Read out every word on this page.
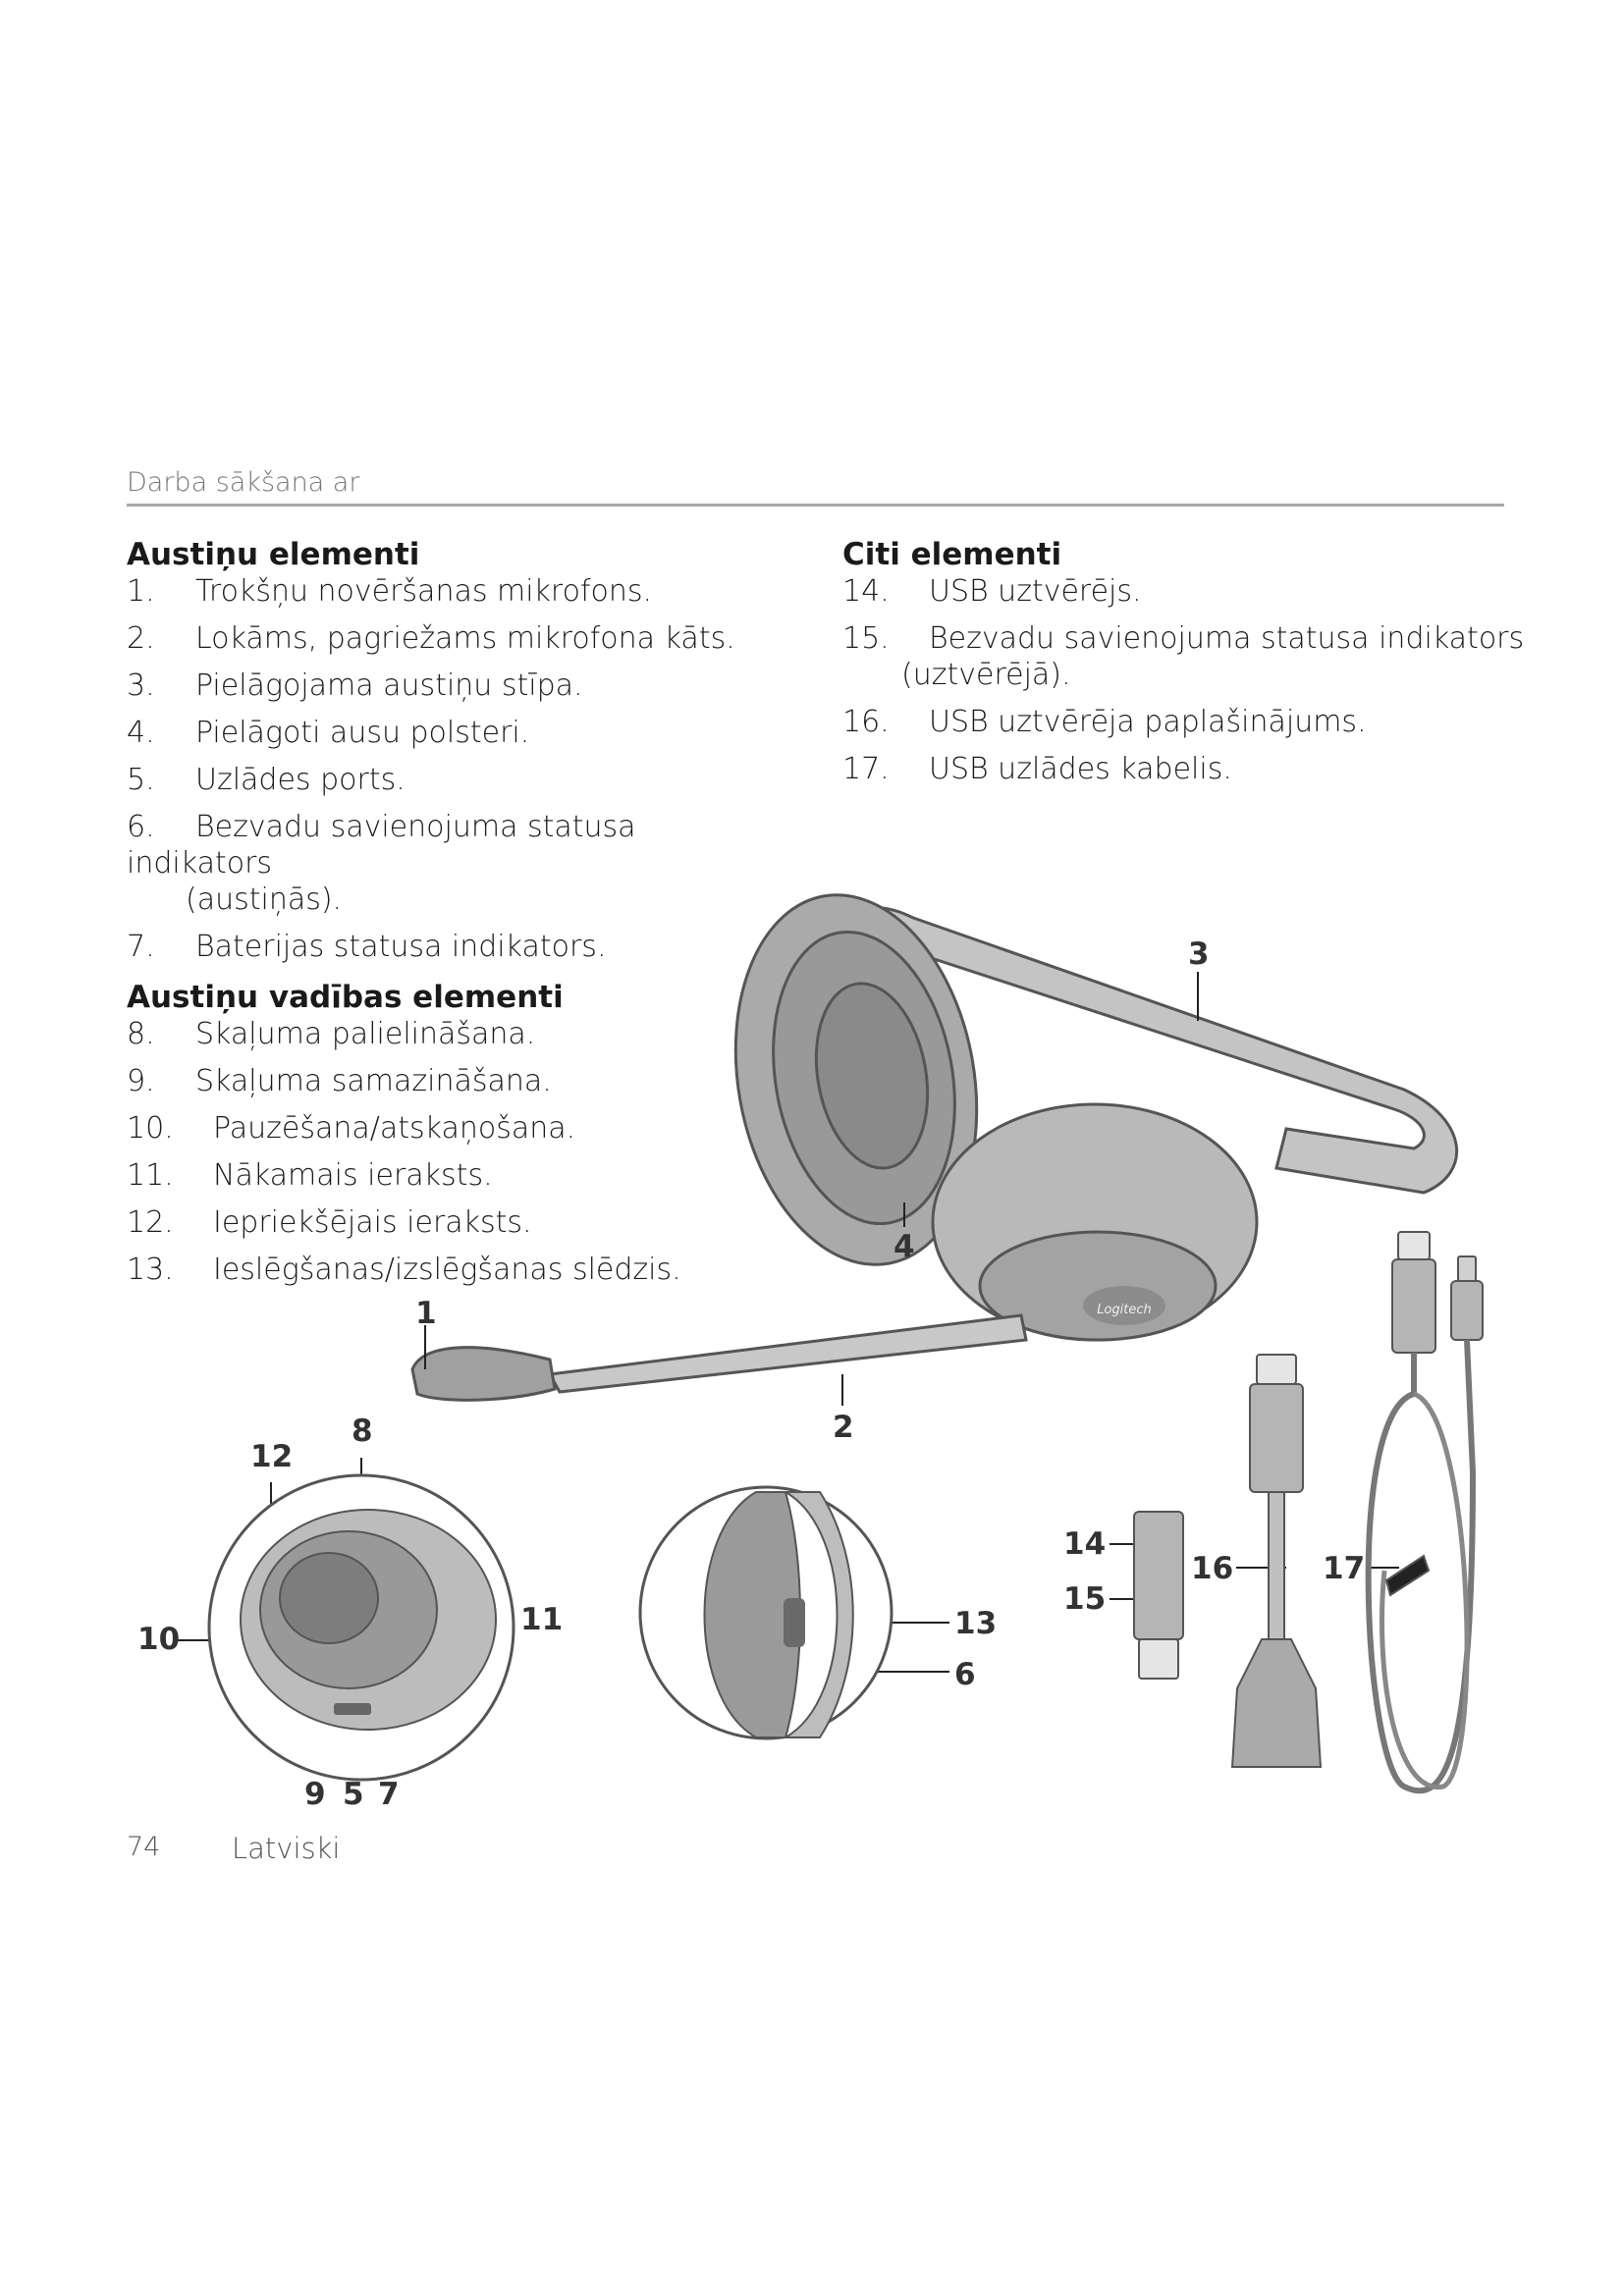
Darba sākšana ar
Austiņu elementi
1. Trokšņu novēršanas mikrofons.
2. Lokāms, pagriežams mikrofona kāts.
3. Pielāgojama austiņu stīpa.
4. Pielāgoti ausu polsteri.
5. Uzlādes ports.
6. Bezvadu savienojuma statusa indikators
(austiņās).
7. Baterijas statusa indikators.
Austiņu vadības elementi
8. Skaļuma palielināšana.
9. Skaļuma samazināšana.
10. Pauzēšana/atskaņošana.
11. Nākamais ieraksts.
12. Iepriekšējais ieraksts.
13. Ieslēgšanas/izslēgšanas slēdzis.
Citi elementi
14. USB uztvērējs.
15. Bezvadu savienojuma statusa indikators
(uztvērējā).
16. USB uztvērēja paplašinājums.
17. USB uzlādes kabelis.
Logitech
3
4
1
2
8
12
10
11
9 5 7
13
6
14
15
16	17
74	Latviski
